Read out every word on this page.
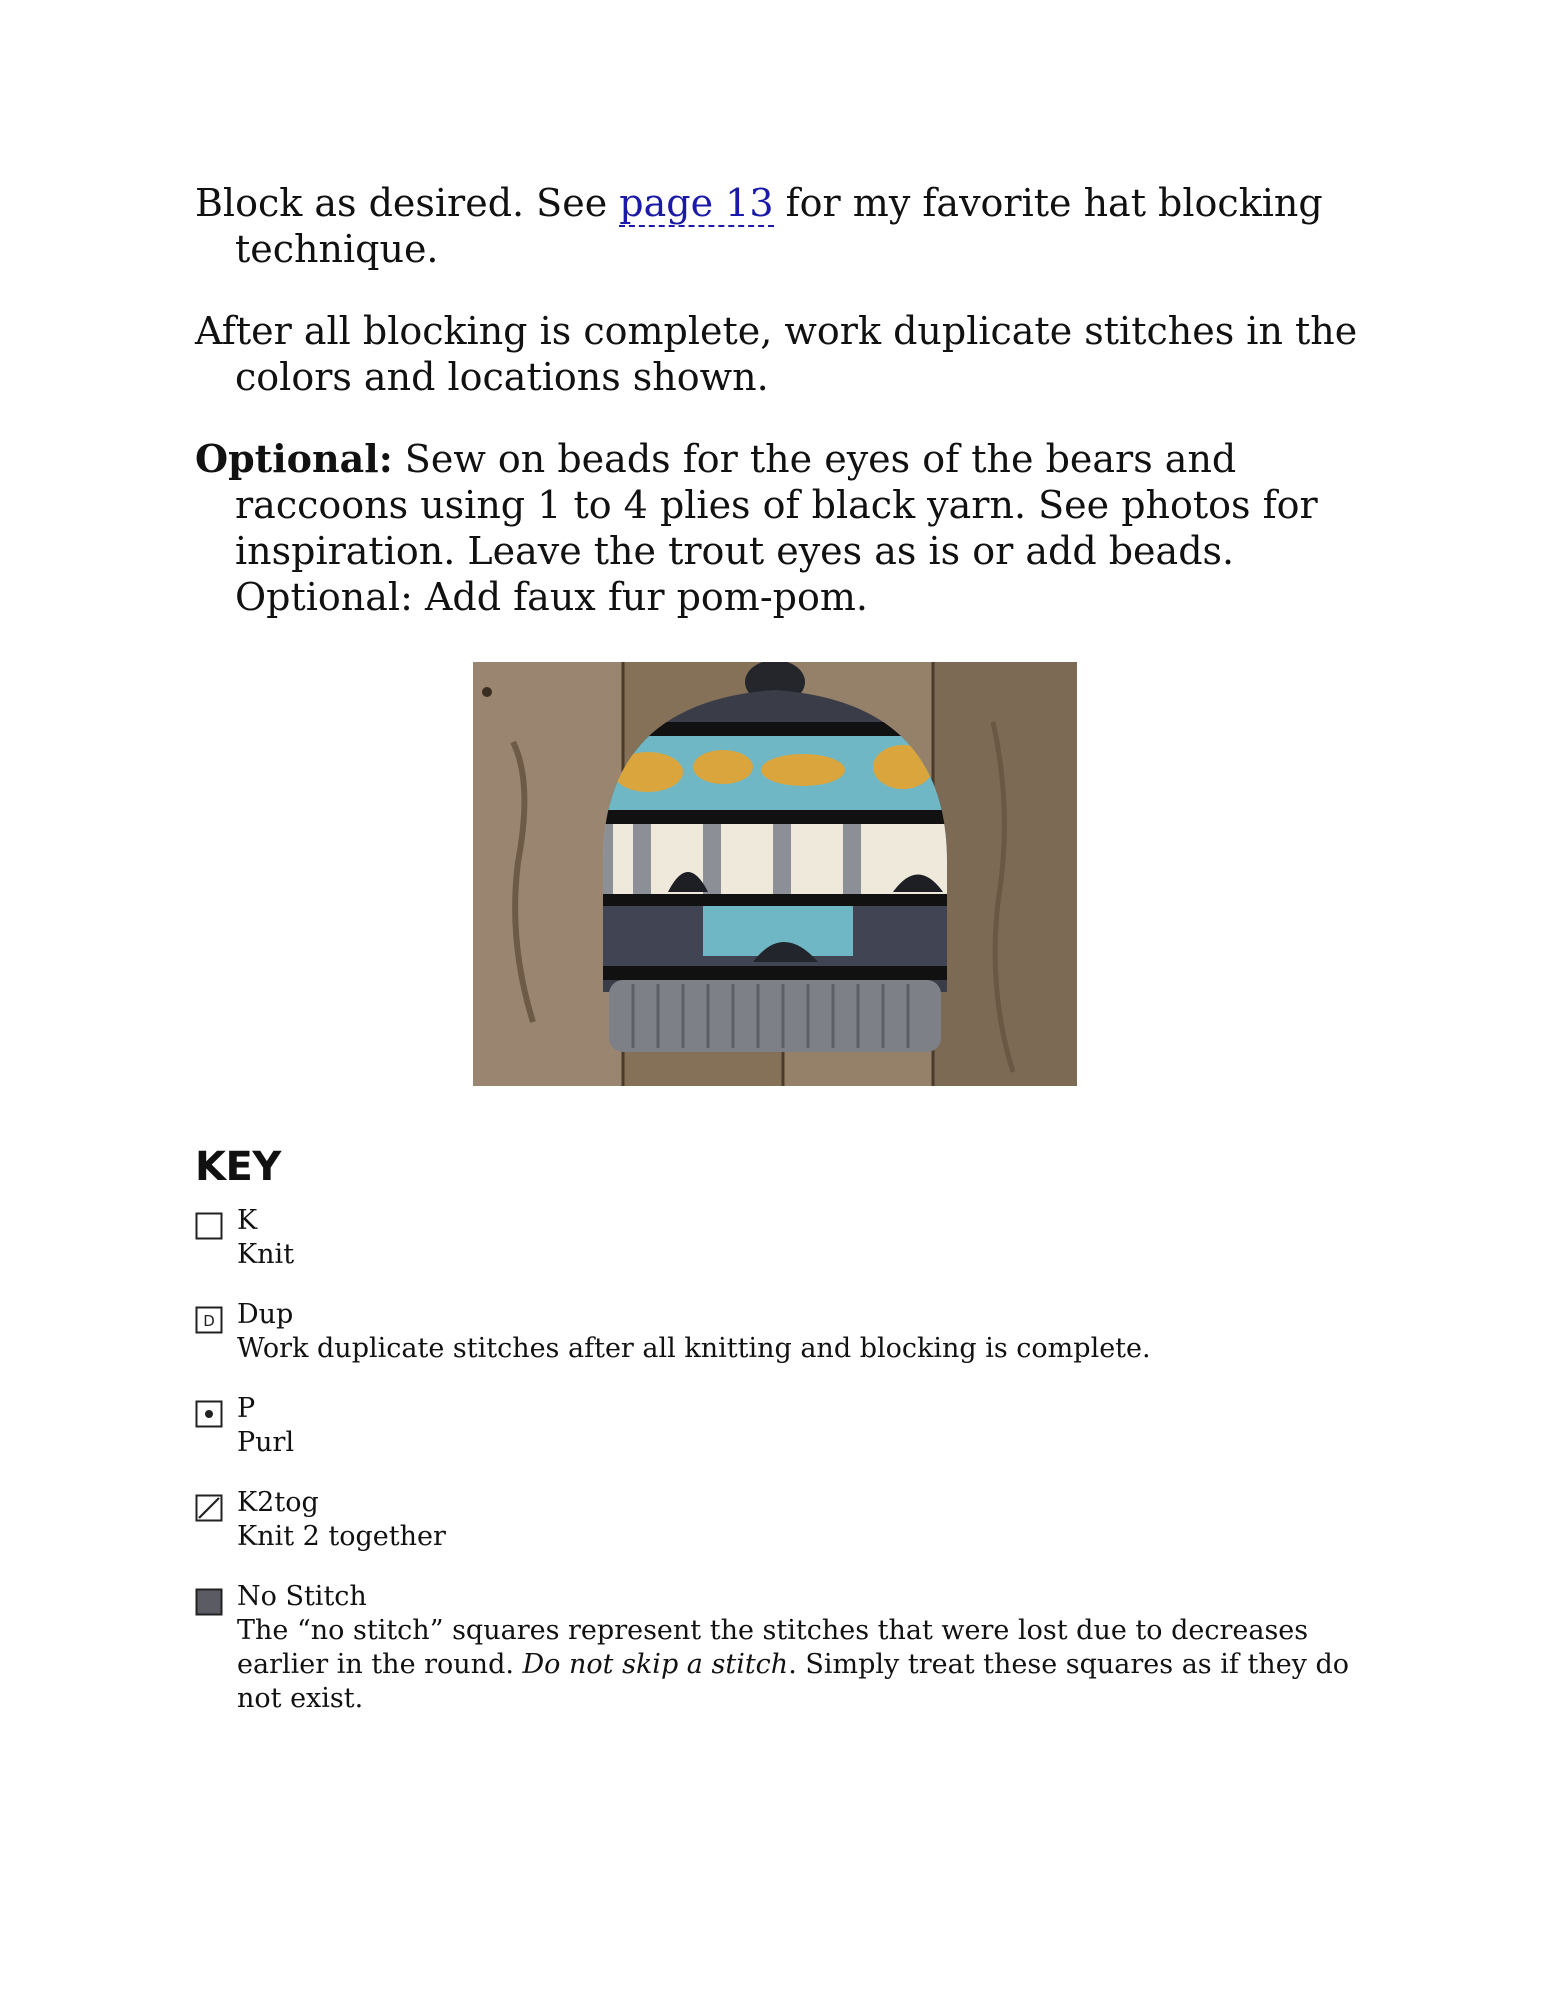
Block as desired. See page 13 for my favorite hat blocking technique.

After all blocking is complete, work duplicate stitches in the colors and locations shown.

Optional: Sew on beads for the eyes of the bears and raccoons using 1 to 4 plies of black yarn. See photos for inspiration. Leave the trout eyes as is or add beads. Optional: Add faux fur pom-pom.

KEY
K
Knit
D Dup
Work duplicate stitches after all knitting and blocking is complete.
P
Purl
K2tog
Knit 2 together
No Stitch
The “no stitch” squares represent the stitches that were lost due to decreases earlier in the round. Do not skip a stitch. Simply treat these squares as if they do not exist.
